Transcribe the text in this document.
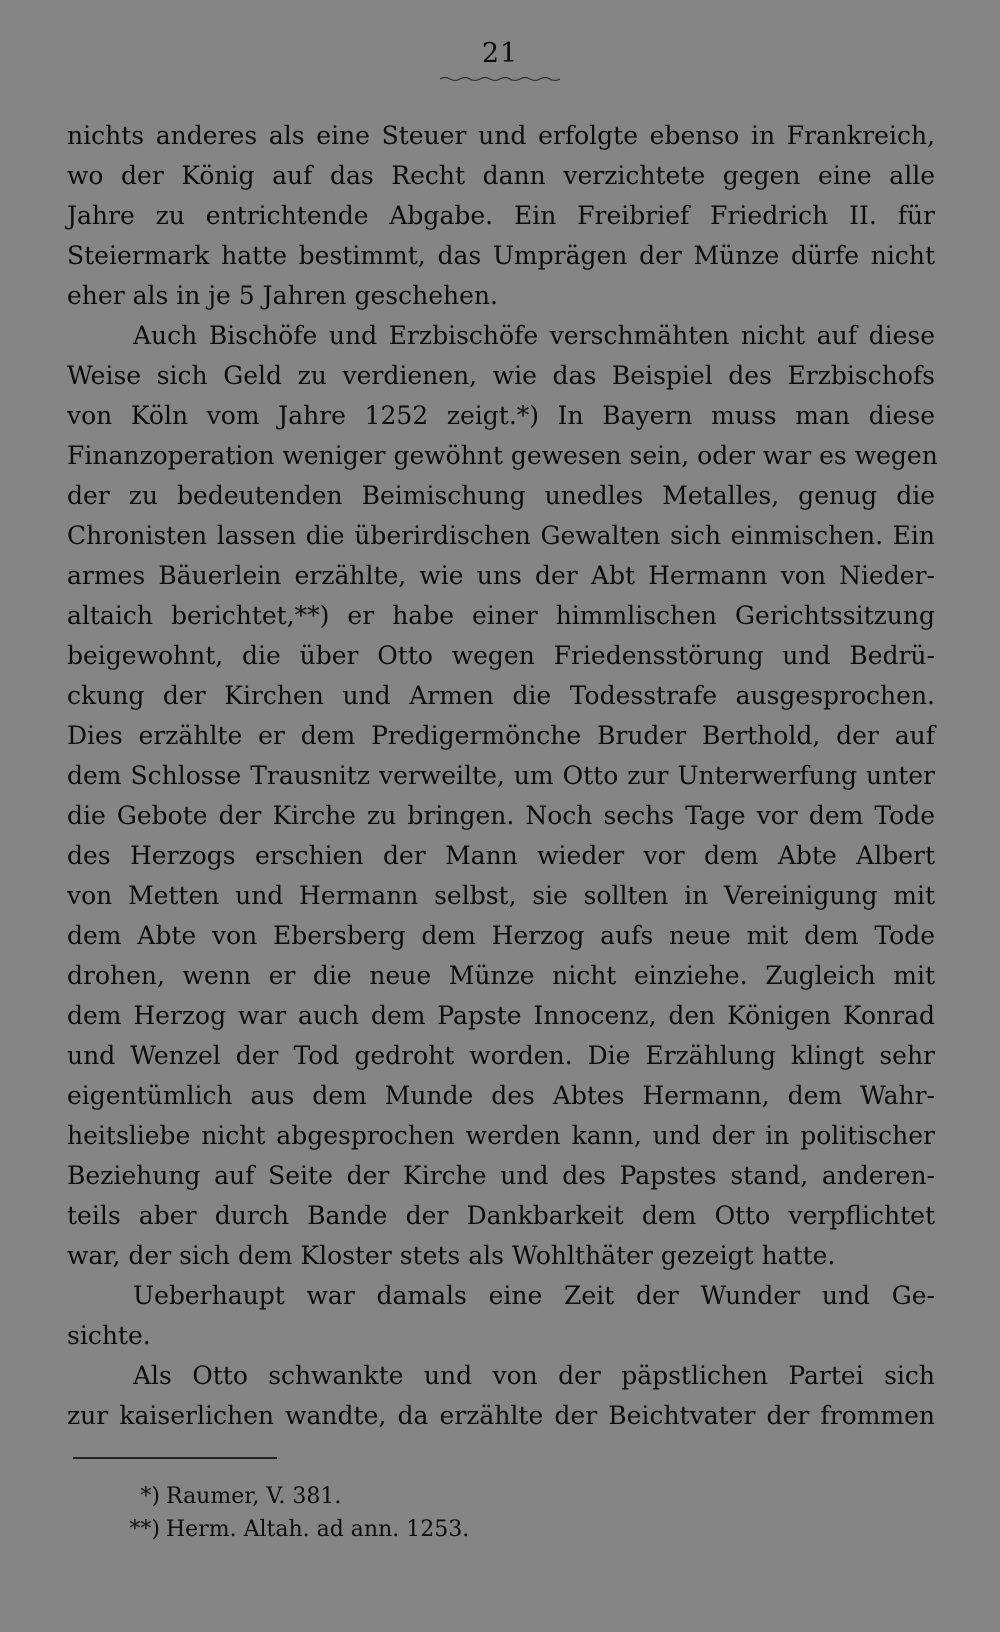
21
nichts anderes als eine Steuer und erfolgte ebenso in Frankreich,
wo der König auf das Recht dann verzichtete gegen eine alle
Jahre zu entrichtende Abgabe. Ein Freibrief Friedrich II. für
Steiermark hatte bestimmt, das Umprägen der Münze dürfe nicht
eher als in je 5 Jahren geschehen.
Auch Bischöfe und Erzbischöfe verschmähten nicht auf diese
Weise sich Geld zu verdienen, wie das Beispiel des Erzbischofs
von Köln vom Jahre 1252 zeigt.*) In Bayern muss man diese
Finanzoperation weniger gewöhnt gewesen sein, oder war es wegen
der zu bedeutenden Beimischung unedles Metalles, genug die
Chronisten lassen die überirdischen Gewalten sich einmischen. Ein
armes Bäuerlein erzählte, wie uns der Abt Hermann von Nieder-
altaich berichtet,**) er habe einer himmlischen Gerichtssitzung
beigewohnt, die über Otto wegen Friedensstörung und Bedrü-
ckung der Kirchen und Armen die Todesstrafe ausgesprochen.
Dies erzählte er dem Predigermönche Bruder Berthold, der auf
dem Schlosse Trausnitz verweilte, um Otto zur Unterwerfung unter
die Gebote der Kirche zu bringen. Noch sechs Tage vor dem Tode
des Herzogs erschien der Mann wieder vor dem Abte Albert
von Metten und Hermann selbst, sie sollten in Vereinigung mit
dem Abte von Ebersberg dem Herzog aufs neue mit dem Tode
drohen, wenn er die neue Münze nicht einziehe. Zugleich mit
dem Herzog war auch dem Papste Innocenz, den Königen Konrad
und Wenzel der Tod gedroht worden. Die Erzählung klingt sehr
eigentümlich aus dem Munde des Abtes Hermann, dem Wahr-
heitsliebe nicht abgesprochen werden kann, und der in politischer
Beziehung auf Seite der Kirche und des Papstes stand, anderen-
teils aber durch Bande der Dankbarkeit dem Otto verpflichtet
war, der sich dem Kloster stets als Wohlthäter gezeigt hatte.
Ueberhaupt war damals eine Zeit der Wunder und Ge-
sichte.
Als Otto schwankte und von der päpstlichen Partei sich
zur kaiserlichen wandte, da erzählte der Beichtvater der frommen
*) Raumer, V. 381.
**) Herm. Altah. ad ann. 1253.
